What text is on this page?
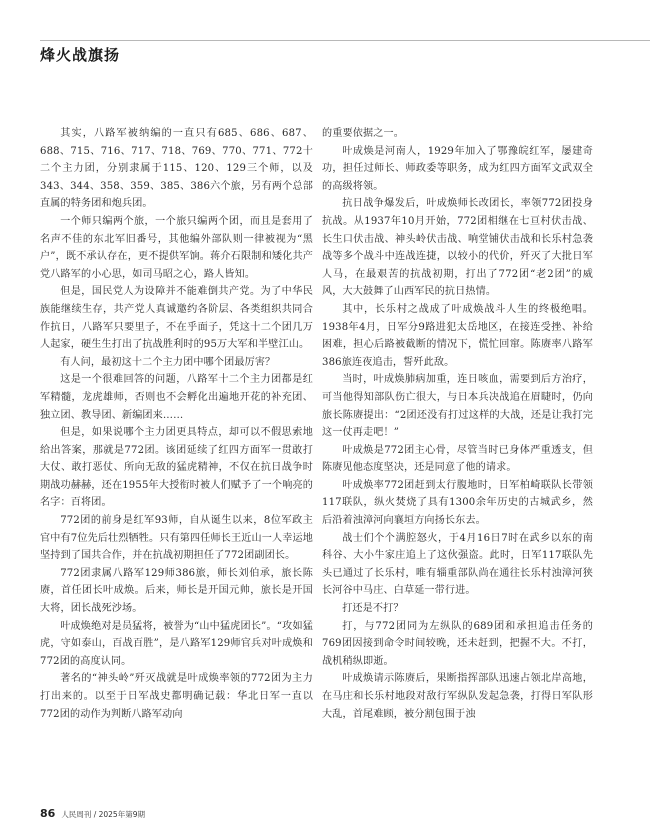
烽火战旗扬

其实，八路军被纳编的一直只有685、686、687、688、715、716、717、718、769、770、771、772十二个主力团，分别隶属于115、120、129三个师，以及343、344、358、359、385、386六个旅，另有两个总部直属的特务团和炮兵团。

一个师只编两个旅，一个旅只编两个团，而且是套用了名声不佳的东北军旧番号，其他编外部队则一律被视为“黑户”，既不承认存在，更不提供军饷。蒋介石限制和矮化共产党八路军的小心思，如司马昭之心，路人皆知。

但是，国民党人为设障并不能难倒共产党。为了中华民族能继续生存，共产党人真诚邀约各阶层、各类组织共同合作抗日，八路军只要里子，不在乎面子，凭这十二个团几万人起家，硬生生打出了抗战胜利时的95万大军和半壁江山。

有人问，最初这十二个主力团中哪个团最厉害？

这是一个很难回答的问题，八路军十二个主力团都是红军精髓，龙虎雄师，否则也不会孵化出遍地开花的补充团、独立团、教导团、新编团来……

但是，如果说哪个主力团更具特点，却可以不假思索地给出答案，那就是772团。该团延续了红四方面军一贯敢打大仗、敢打恶仗、所向无敌的猛虎精神，不仅在抗日战争时期战功赫赫，还在1955年大授衔时被人们赋予了一个响亮的名字：百将团。

772团的前身是红军93师，自从诞生以来，8位军政主官中有7位先后壮烈牺牲。只有第四任师长王近山一人幸运地坚持到了国共合作，并在抗战初期担任了772团副团长。

772团隶属八路军129师386旅，师长刘伯承，旅长陈赓，首任团长叶成焕。后来，师长是开国元帅，旅长是开国大将，团长战死沙场。

叶成焕绝对是员猛将，被誉为“山中猛虎团长”。“攻如猛虎，守如泰山，百战百胜”，是八路军129师官兵对叶成焕和772团的高度认同。

著名的“神头岭”歼灭战就是叶成焕率领的772团为主力打出来的。以至于日军战史都明确记载：华北日军一直以772团的动作为判断八路军动向

的重要依据之一。

叶成焕是河南人，1929年加入了鄂豫皖红军，屡建奇功，担任过师长、师政委等职务，成为红四方面军文武双全的高级将领。

抗日战争爆发后，叶成焕师长改团长，率领772团投身抗战。从1937年10月开始，772团相继在七亘村伏击战、长生口伏击战、神头岭伏击战、响堂铺伏击战和长乐村急袭战等多个战斗中连战连捷，以较小的代价，歼灭了大批日军人马，在最艰苦的抗战初期，打出了772团“老2团”的威风，大大鼓舞了山西军民的抗日热情。

其中，长乐村之战成了叶成焕战斗人生的终极绝唱。1938年4月，日军分9路进犯太岳地区，在接连受挫、补给困难，担心后路被截断的情况下，慌忙回窜。陈赓率八路军386旅连夜追击，誓歼此敌。

当时，叶成焕肺病加重，连日咳血，需要到后方治疗，可当他得知部队伤亡很大，与日本兵决战追在眉睫时，仍向旅长陈赓提出：“2团还没有打过这样的大战，还是让我打完这一仗再走吧！”

叶成焕是772团主心骨，尽管当时已身体严重透支，但陈赓见他态度坚决，还是同意了他的请求。

叶成焕率772团赶到太行腹地时，日军柏崎联队长带领117联队，纵火焚烧了具有1300余年历史的古城武乡，然后沿着浊漳河向襄垣方向扬长东去。

战士们个个满腔怒火，于4月16日7时在武乡以东的南科谷、大小牛家庄追上了这伙强盗。此时，日军117联队先头已通过了长乐村，唯有辎重部队尚在通往长乐村浊漳河狭长河谷中马庄、白草延一带行进。

打还是不打？

打，与772团同为左纵队的689团和承担追击任务的769团因接到命令时间较晚，还未赶到，把握不大。不打，战机稍纵即逝。

叶成焕请示陈赓后，果断指挥部队迅速占领北岸高地，在马庄和长乐村地段对敌行军纵队发起急袭，打得日军队形大乱，首尾难顾，被分割包围于浊

86 人民周刊 / 2025年第9期
